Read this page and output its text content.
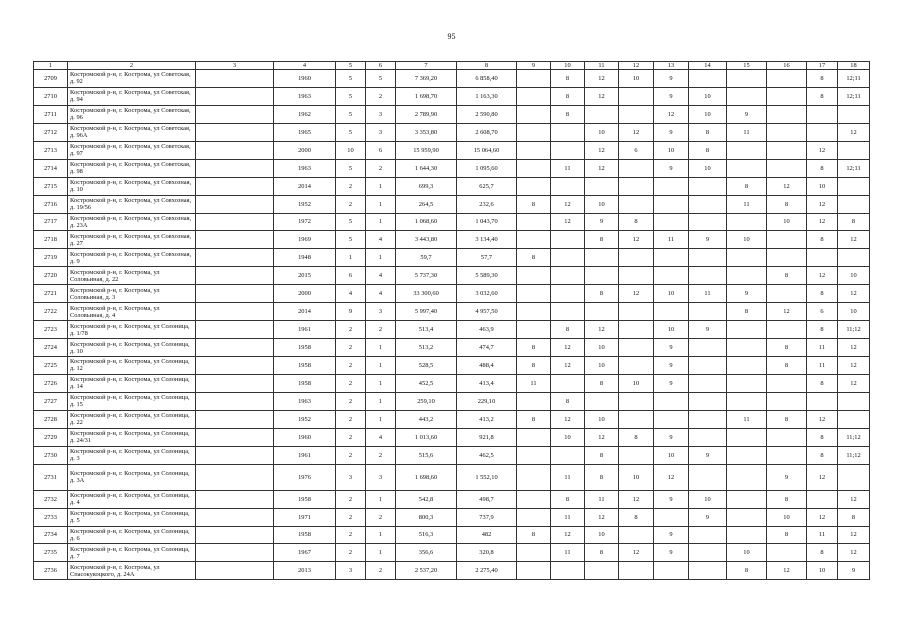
95
1	2	3	4	5	6	7	8	9	10	11	12	13	14	15	16	17	18
2709	Костромской р-н, г. Кострома, ул Советская, д. 92		1960	5	5	7 369,20	6 858,40		8	12	10	9				8	12;11
2710	Костромской р-н, г. Кострома, ул Советская, д. 94		1963	5	2	1 698,70	1 163,30		8	12		9	10			8	12;11
2711	Костромской р-н, г. Кострома, ул Советская, д. 96		1962	5	3	2 789,90	2 590,80		8			12	10	9			
2712	Костромской р-н, г. Кострома, ул Советская, д. 96А		1965	5	3	3 353,80	2 608,70			10	12	9	8	11			12
2713	Костромской р-н, г. Кострома, ул Советская, д. 97		2000	10	6	15 959,90	15 064,60			12	6	10	8			12	
2714	Костромской р-н, г. Кострома, ул Советская, д. 98		1963	5	2	1 644,30	1 095,60		11	12		9	10			8	12;11
2715	Костромской р-н, г. Кострома, ул Совхозная, д. 10		2014	2	1	699,3	625,7							8	12	10	
2716	Костромской р-н, г. Кострома, ул Совхозная, д. 19/56		1952	2	1	264,5	232,6	8	12	10				11	8	12	
2717	Костромской р-н, г. Кострома, ул Совхозная, д. 23А		1972	5	1	1 068,60	1 043,70		12	9	8				10	12	8
2718	Костромской р-н, г. Кострома, ул Совхозная, д. 27		1969	5	4	3 443,80	3 134,40			8	12	11	9	10		8	12
2719	Костромской р-н, г. Кострома, ул Совхозная, д. 9		1948	1	1	59,7	57,7	8									
2720	Костромской р-н, г. Кострома, ул Соловьиная, д. 22		2015	6	4	5 737,30	5 589,30								8	12	10
2721	Костромской р-н, г. Кострома, ул Соловьиная, д. 3		2000	4	4	33 300,60	3 032,60			8	12	10	11	9		8	12
2722	Костромской р-н, г. Кострома, ул Соловьиная, д. 4		2014	9	3	5 997,40	4 957,50							8	12	6	10
2723	Костромской р-н, г. Кострома, ул Солоница, д. 1/78		1961	2	2	513,4	463,9		8	12		10	9			8	11;12
2724	Костромской р-н, г. Кострома, ул Солоница, д. 10		1958	2	1	513,2	474,7	8	12	10		9			8	11	12
2725	Костромской р-н, г. Кострома, ул Солоница, д. 12		1958	2	1	528,5	488,4	8	12	10		9			8	11	12
2726	Костромской р-н, г. Кострома, ул Солоница, д. 14		1958	2	1	452,5	413,4	11		8	10	9				8	12
2727	Костромской р-н, г. Кострома, ул Солоница, д. 15		1963	2	1	259,10	229,10		8								
2728	Костромской р-н, г. Кострома, ул Солоница, д. 22		1952	2	1	443,2	413,2	8	12	10				11	8	12	
2729	Костромской р-н, г. Кострома, ул Солоница, д. 24/31		1960	2	4	1 013,60	921,8		10	12	8	9				8	11;12
2730	Костромской р-н, г. Кострома, ул Солоница, д. 3		1961	2	2	515,6	462,5			8		10	9			8	11;12
2731	Костромской р-н, г. Кострома, ул Солоница, д. 3А		1976	3	3	1 698,60	1 552,10		11	8	10	12			9	12	
2732	Костромской р-н, г. Кострома, ул Солоница, д. 4		1958	2	1	542,8	498,7		8	11	12	9	10		8		12
2733	Костромской р-н, г. Кострома, ул Солоница, д. 5		1971	2	2	800,3	737,9		11	12	8		9		10	12	8
2734	Костромской р-н, г. Кострома, ул Солоница, д. 6		1958	2	1	516,3	482	8	12	10		9			8	11	12
2735	Костромской р-н, г. Кострома, ул Солоница, д. 7		1967	2	1	356,6	320,8		11	8	12	9		10		8	12
2736	Костромской р-н, г. Кострома, ул Спасокукоцкого, д. 24А		2013	3	2	2 537,20	2 275,40							8	12	10	9
